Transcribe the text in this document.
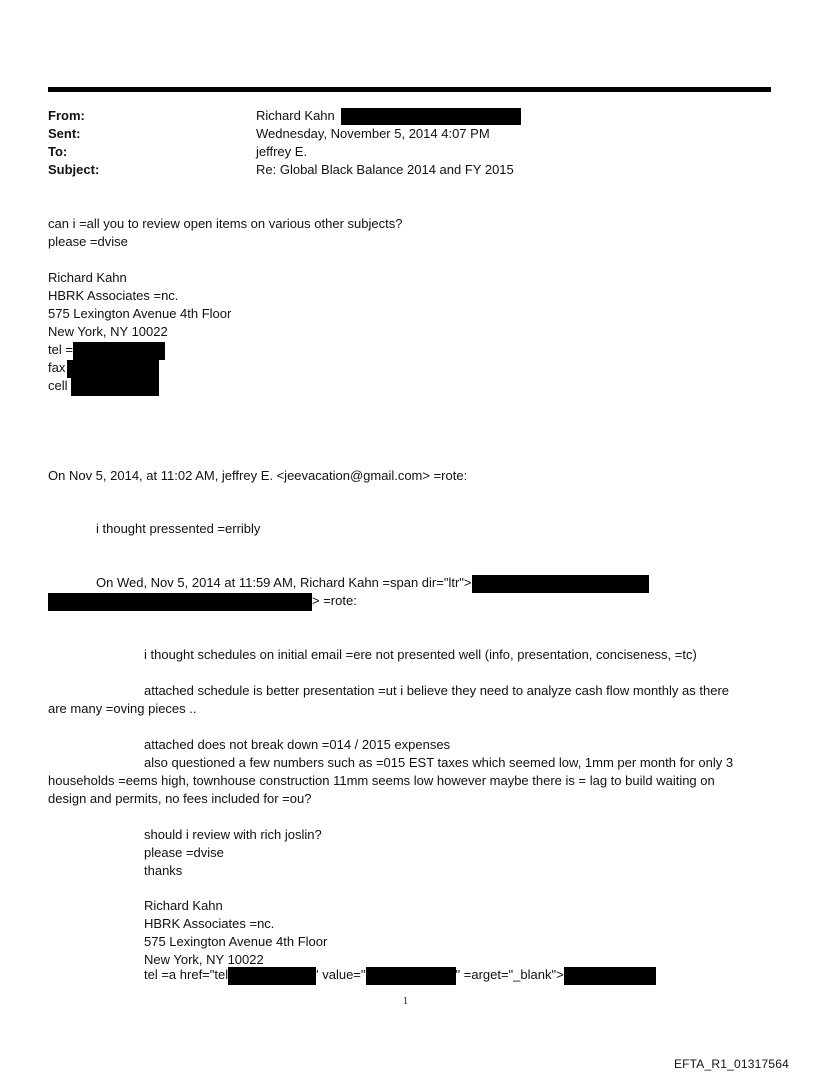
From:	Richard Kahn
Sent:	Wednesday, November 5, 2014 4:07 PM
To:	jeffrey E.
Subject:	Re: Global Black Balance 2014 and FY 2015
can i =all you to review open items on various other subjects?
please =dvise
Richard Kahn
HBRK Associates =nc.
575 Lexington Avenue 4th Floor
New York, NY 10022
tel =
fax
cell
On Nov 5, 2014, at 11:02 AM, jeffrey E. <jeevacation@gmail.com> =rote:
i thought pressented =erribly
On Wed, Nov 5, 2014 at 11:59 AM, Richard Kahn =span dir="ltr">
> =rote:
i thought schedules on initial email =ere not presented well (info, presentation, conciseness, =tc)
attached schedule is better presentation =ut i believe they need to analyze cash flow monthly as there
are many =oving pieces ..
attached does not break down =014 / 2015 expenses
also questioned a few numbers such as =015 EST taxes which seemed low, 1mm per month for only 3
households =eems high, townhouse construction 11mm seems low however maybe there is = lag to build waiting on
design and permits, no fees included for =ou?
should i review with rich joslin?
please =dvise
thanks
Richard Kahn
HBRK Associates =nc.
575 Lexington Avenue 4th Floor
New York, NY 10022
tel =a href="tel	' value="	" =arget="_blank">
1
EFTA_R1_01317564
